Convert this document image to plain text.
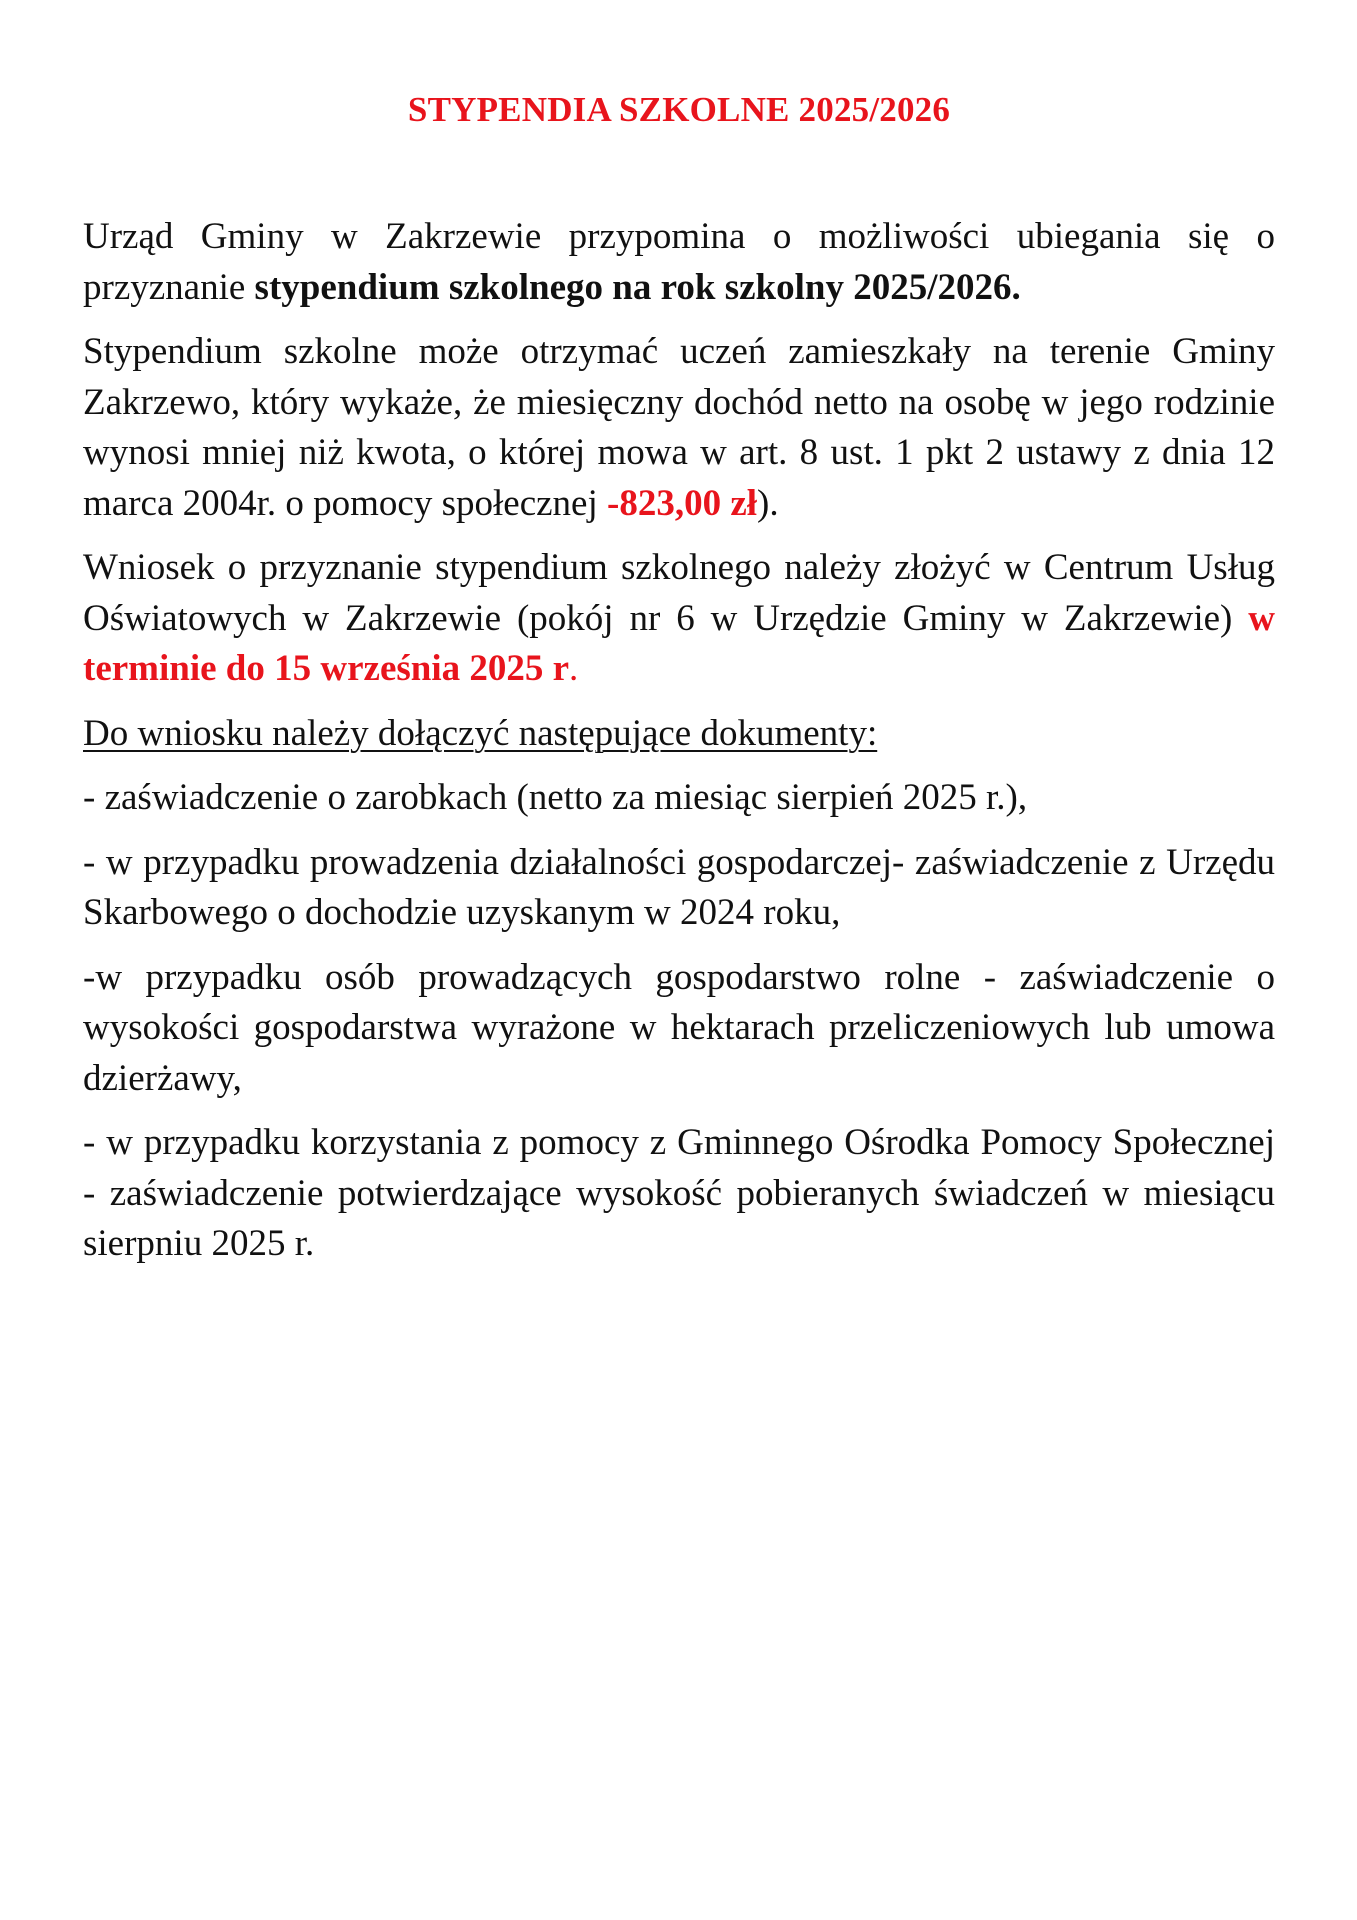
STYPENDIA SZKOLNE 2025/2026

Urząd Gminy w Zakrzewie przypomina o możliwości ubiegania się o przyznanie stypendium szkolnego na rok szkolny 2025/2026.

Stypendium szkolne może otrzymać uczeń zamieszkały na terenie Gminy Zakrzewo, który wykaże, że miesięczny dochód netto na osobę w jego rodzinie wynosi mniej niż kwota, o której mowa w art. 8 ust. 1 pkt 2 ustawy z dnia 12 marca 2004r. o pomocy społecznej -823,00 zł).

Wniosek o przyznanie stypendium szkolnego należy złożyć w Centrum Usług Oświatowych w Zakrzewie (pokój nr 6 w Urzędzie Gminy w Zakrzewie) w terminie do 15 września 2025 r.

Do wniosku należy dołączyć następujące dokumenty:

- zaświadczenie o zarobkach (netto za miesiąc sierpień 2025 r.),

- w przypadku prowadzenia działalności gospodarczej- zaświadczenie z Urzędu Skarbowego o dochodzie uzyskanym w 2024 roku,

-w przypadku osób prowadzących gospodarstwo rolne - zaświadczenie o wysokości gospodarstwa wyrażone w hektarach przeliczeniowych lub umowa dzierżawy,

- w przypadku korzystania z pomocy z Gminnego Ośrodka Pomocy Społecznej - zaświadczenie potwierdzające wysokość pobieranych świadczeń w miesiącu sierpniu 2025 r.
